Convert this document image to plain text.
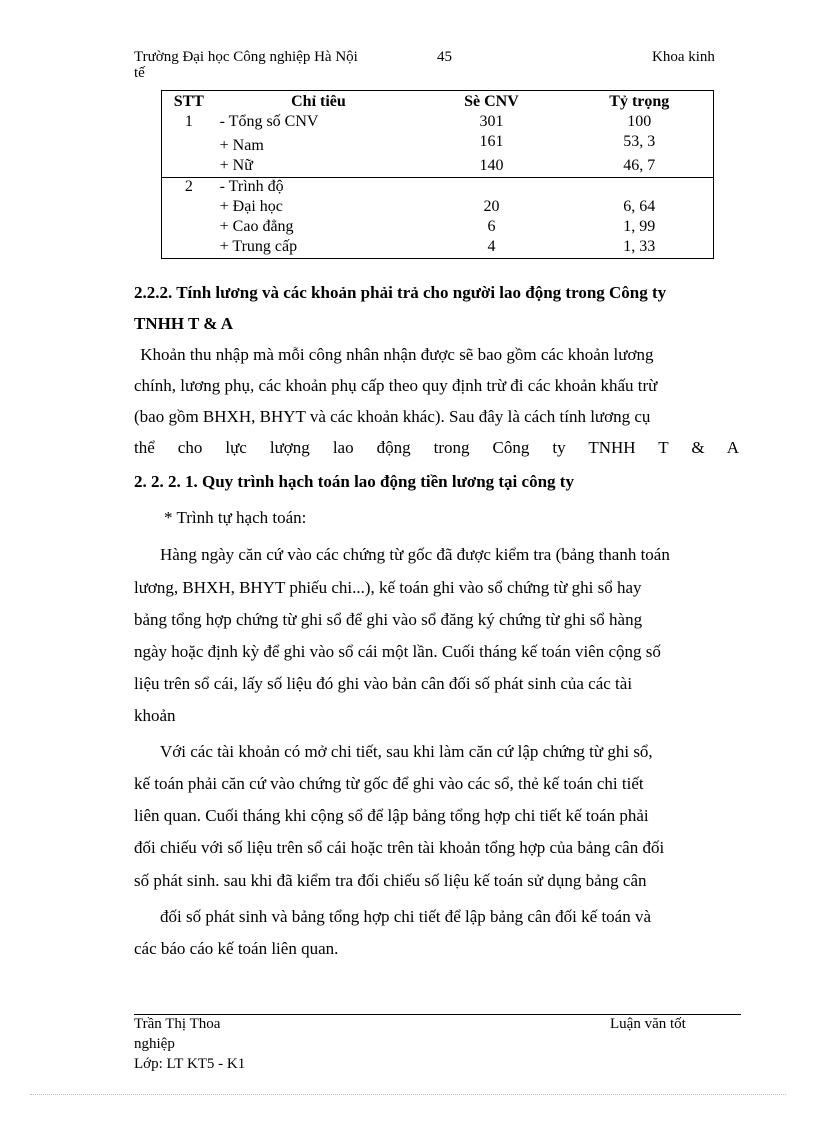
Trường Đại học Công nghiệp Hà Nội	45	Khoa kinh
tế
STT	Chỉ tiêu	Sè CNV	Tỷ trọng
1	- Tổng số CNV	301	100
	+ Nam	161	53, 3
	+ Nữ	140	46, 7
2	- Trình độ		
	+ Đại học	20	6, 64
	+ Cao đẳng	6	1, 99
	+ Trung cấp	4	1, 33
2.2.2. Tính lương và các khoản phải trả cho người lao động trong Công ty
TNHH T & A
Khoản thu nhập mà mỗi công nhân nhận được sẽ bao gồm các khoản lương
chính, lương phụ, các khoản phụ cấp theo quy định trừ đi các khoản khấu trừ
(bao gồm BHXH, BHYT và các khoản khác). Sau đây là cách tính lương cụ
thể cho lực lượng lao động trong Công ty TNHH T & A
2. 2. 2. 1. Quy trình hạch toán lao động tiền lương tại công ty
* Trình tự hạch toán:
Hàng ngày căn cứ vào các chứng từ gốc đã được kiểm tra (bảng thanh toán
lương, BHXH, BHYT phiếu chi...), kế toán ghi vào sổ chứng từ ghi sổ hay
bảng tổng hợp chứng từ ghi sổ để ghi vào sổ đăng ký chứng từ ghi sổ hàng
ngày hoặc định kỳ để ghi vào sổ cái một lần. Cuối tháng kế toán viên cộng số
liệu trên sổ cái, lấy số liệu đó ghi vào bản cân đối số phát sinh của các tài
khoản
Với các tài khoản có mở chi tiết, sau khi làm căn cứ lập chứng từ ghi sổ,
kế toán phải căn cứ vào chứng từ gốc để ghi vào các sổ, thẻ kế toán chi tiết
liên quan. Cuối tháng khi cộng sổ để lập bảng tổng hợp chi tiết kế toán phải
đối chiếu với số liệu trên sổ cái hoặc trên tài khoản tổng hợp của bảng cân đối
số phát sinh. sau khi đã kiểm tra đối chiếu số liệu kế toán sử dụng bảng cân
đối số phát sinh và bảng tổng hợp chi tiết để lập bảng cân đối kế toán và
các báo cáo kế toán liên quan.
Trần Thị Thoa	Luận văn tốt
nghiệp
Lớp: LT KT5 - K1
